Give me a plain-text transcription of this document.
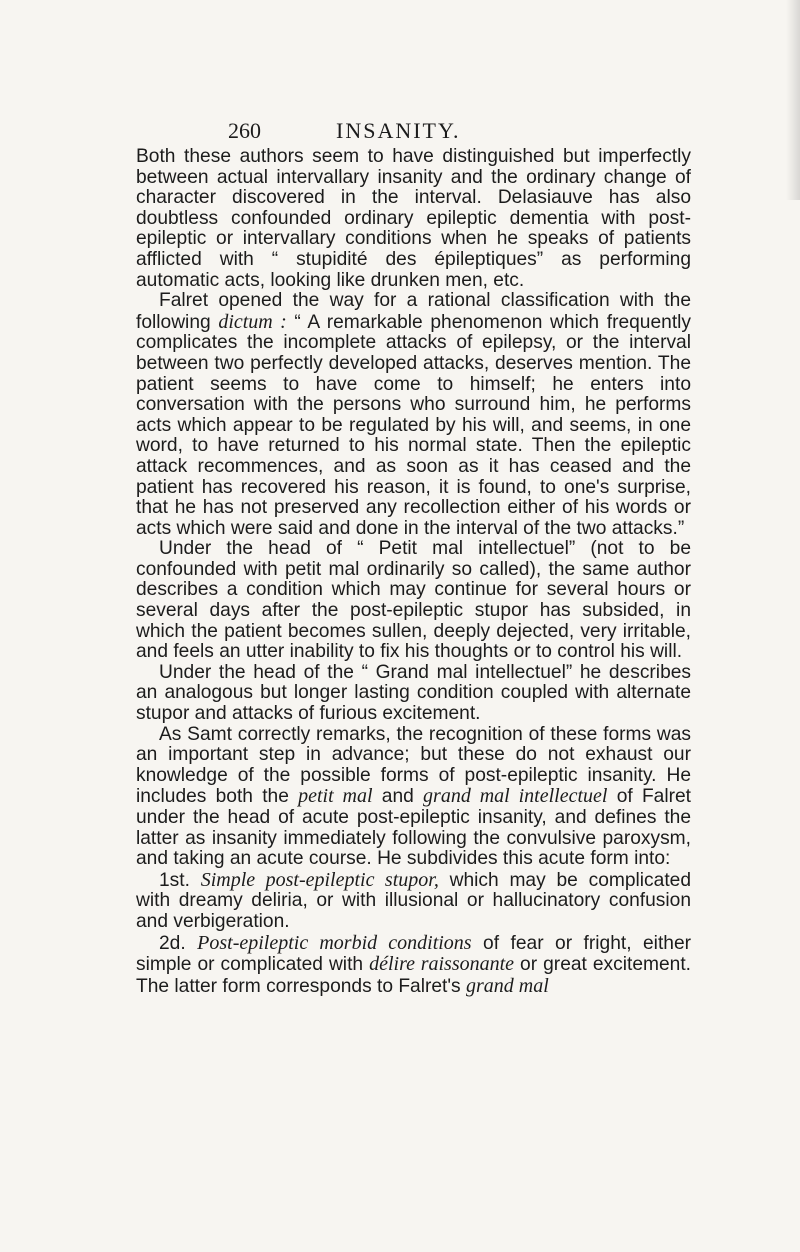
260	INSANITY.

Both these authors seem to have distinguished but imperfectly between actual intervallary insanity and the ordinary change of character discovered in the interval. Delasiauve has also doubtless confounded ordinary epileptic dementia with post-epileptic or intervallary conditions when he speaks of patients afflicted with “ stupidité des épileptiques” as performing automatic acts, looking like drunken men, etc.

Falret opened the way for a rational classification with the following dictum : “ A remarkable phenomenon which frequently complicates the incomplete attacks of epilepsy, or the interval between two perfectly developed attacks, deserves mention. The patient seems to have come to himself; he enters into conversation with the persons who surround him, he performs acts which appear to be regulated by his will, and seems, in one word, to have returned to his normal state. Then the epileptic attack recommences, and as soon as it has ceased and the patient has recovered his reason, it is found, to one's surprise, that he has not preserved any recollection either of his words or acts which were said and done in the interval of the two attacks.”

Under the head of “ Petit mal intellectuel” (not to be confounded with petit mal ordinarily so called), the same author describes a condition which may continue for several hours or several days after the post-epileptic stupor has subsided, in which the patient becomes sullen, deeply dejected, very irritable, and feels an utter inability to fix his thoughts or to control his will.

Under the head of the “ Grand mal intellectuel” he describes an analogous but longer lasting condition coupled with alternate stupor and attacks of furious excitement.

As Samt correctly remarks, the recognition of these forms was an important step in advance; but these do not exhaust our knowledge of the possible forms of post-epileptic insanity. He includes both the petit mal and grand mal intellectuel of Falret under the head of acute post-epileptic insanity, and defines the latter as insanity immediately following the convulsive paroxysm, and taking an acute course. He subdivides this acute form into:

1st. Simple post-epileptic stupor, which may be complicated with dreamy deliria, or with illusional or hallucinatory confusion and verbigeration.

2d. Post-epileptic morbid conditions of fear or fright, either simple or complicated with délire raissonante or great excitement. The latter form corresponds to Falret's grand mal
